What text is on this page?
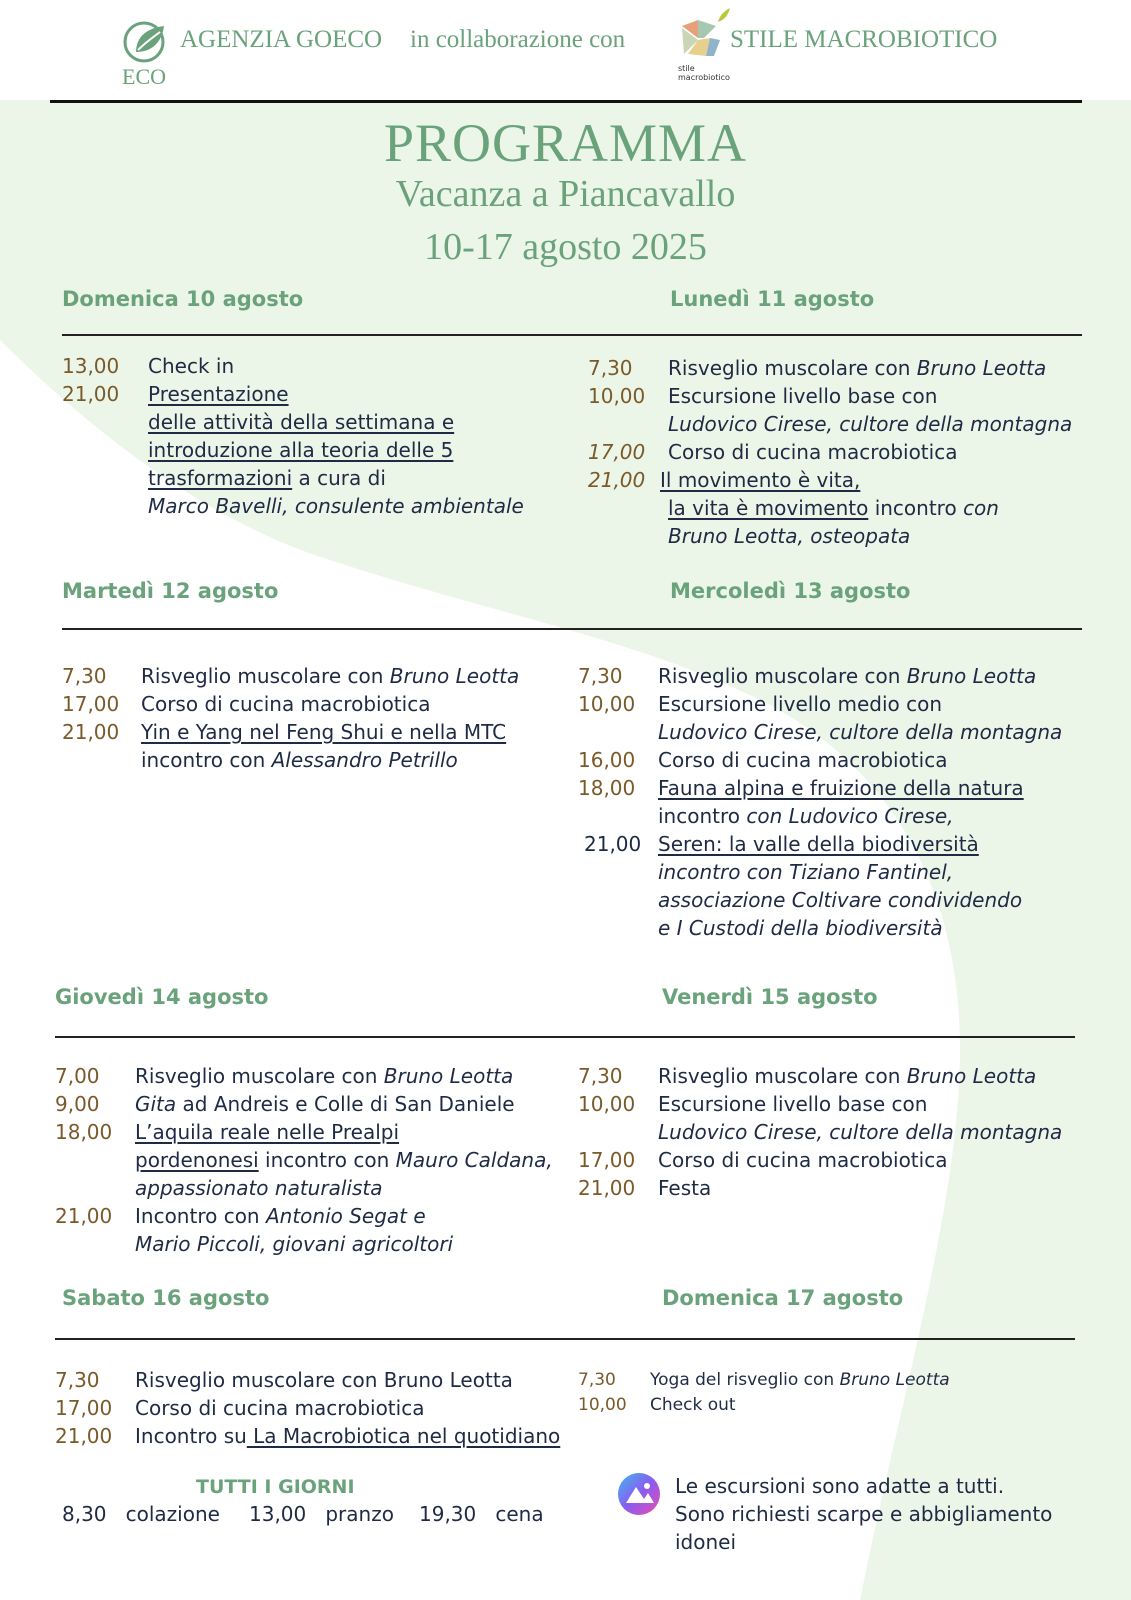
AGENZIA GOECO
ECO
in collaborazione con
stile
macrobiotico
STILE MACROBIOTICO
PROGRAMMA
Vacanza a Piancavallo
10-17 agosto 2025
Domenica 10 agosto	Lunedì 11 agosto
Martedì 12 agosto	Mercoledì 13 agosto
Giovedì 14 agosto	Venerdì 15 agosto
Sabato 16 agosto	Domenica 17 agosto
13,00 Check in
21,00 Presentazione
delle attività della settimana e
introduzione alla teoria delle 5
trasformazioni a cura di
Marco Bavelli, consulente ambientale
7,30 Risveglio muscolare con Bruno Leotta
10,00 Escursione livello base con
Ludovico Cirese, cultore della montagna
17,00 Corso di cucina macrobiotica
21,00 Il movimento è vita,
la vita è movimento incontro con
Bruno Leotta, osteopata
7,30 Risveglio muscolare con Bruno Leotta
17,00 Corso di cucina macrobiotica
21,00 Yin e Yang nel Feng Shui e nella MTC
incontro con Alessandro Petrillo
7,30 Risveglio muscolare con Bruno Leotta
10,00 Escursione livello medio con
Ludovico Cirese, cultore della montagna
16,00 Corso di cucina macrobiotica
18,00 Fauna alpina e fruizione della natura
incontro con Ludovico Cirese,
21,00 Seren: la valle della biodiversità
incontro con Tiziano Fantinel,
associazione Coltivare condividendo
e I Custodi della biodiversità
7,00 Risveglio muscolare con Bruno Leotta
9,00 Gita ad Andreis e Colle di San Daniele
18,00 L’aquila reale nelle Prealpi
pordenonesi incontro con Mauro Caldana,
appassionato naturalista
21,00 Incontro con Antonio Segat e
Mario Piccoli, giovani agricoltori
7,30 Risveglio muscolare con Bruno Leotta
10,00 Escursione livello base con
Ludovico Cirese, cultore della montagna
17,00 Corso di cucina macrobiotica
21,00 Festa
7,30 Risveglio muscolare con Bruno Leotta
17,00 Corso di cucina macrobiotica
21,00 Incontro su La Macrobiotica nel quotidiano
7,30 Yoga del risveglio con Bruno Leotta
10,00 Check out
TUTTI I GIORNI
8,30 colazione 13,00 pranzo 19,30 cena
Le escursioni sono adatte a tutti.
Sono richiesti scarpe e abbigliamento
idonei
